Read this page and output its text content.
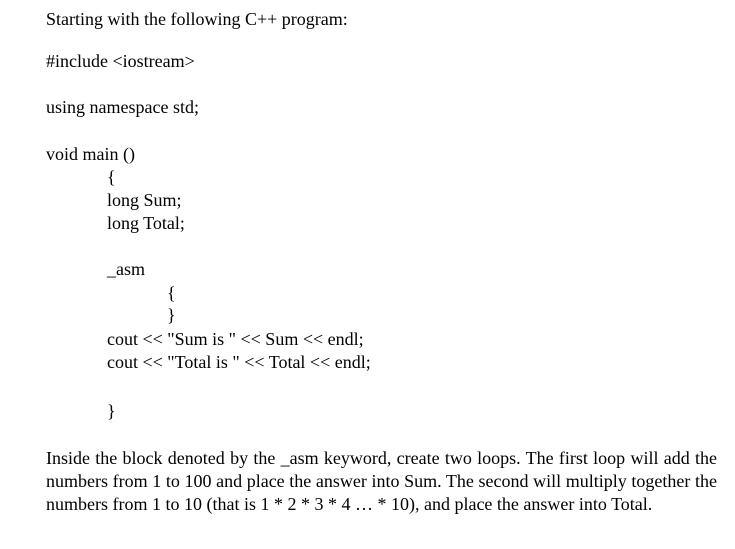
Starting with the following C++ program:
#include <iostream>
using namespace std;
void main ()
{
long Sum;
long Total;
_asm
{
}
cout << "Sum is " << Sum << endl;
cout << "Total is " << Total << endl;
}
Inside the block denoted by the _asm keyword, create two loops. The first loop will add the numbers from 1 to 100 and place the answer into Sum. The second will multiply together the numbers from 1 to 10 (that is 1 * 2 * 3 * 4 … * 10), and place the answer into Total.
